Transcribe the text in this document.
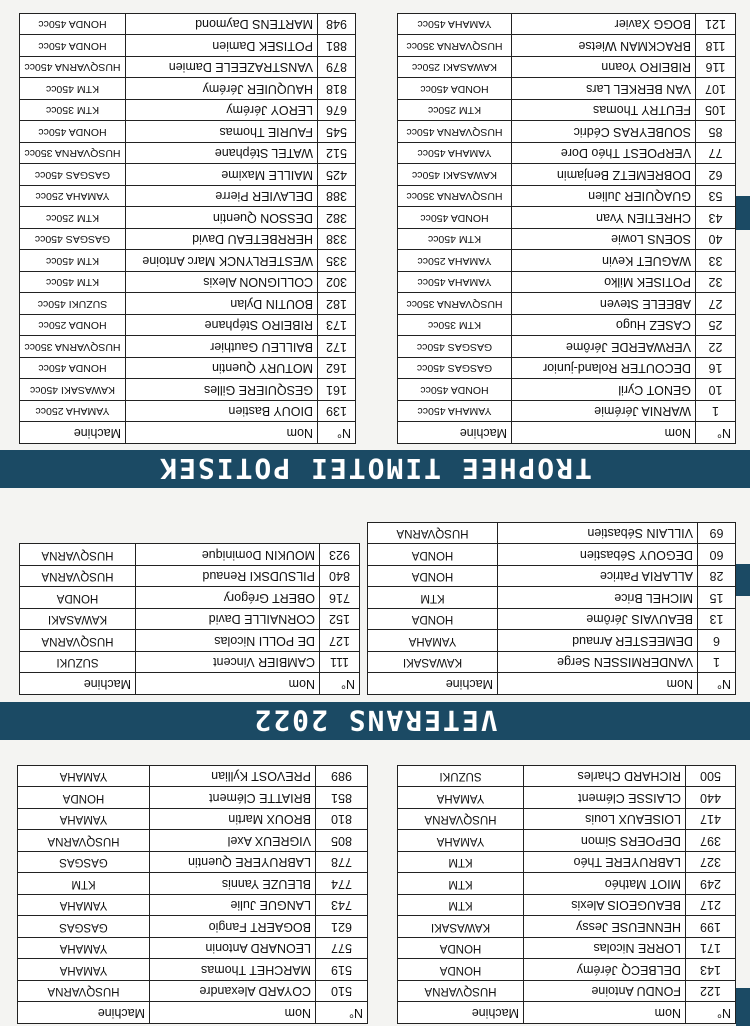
N°	Nom	Machine
122	FONDU Antoine	HUSQVARNA
143	DELBECQ Jérémy	HONDA
171	LORRE Nicolas	HONDA
199	HENNEUSE Jessy	KAWASAKI
217	BEAUGEOIS Alexis	KTM
249	MIOT Mathéo	KTM
327	LABRUYERE Théo	KTM
397	DEPOERS Simon	YAMAHA
417	LOISEAUX Louis	HUSQVARNA
440	CLAISSE Clément	YAMAHA
500	RICHARD Charles	SUZUKI
N°	Nom	Machine
510	COYARD Alexandre	HUSQVARNA
519	MARCHET Thomas	YAMAHA
577	LEONARD Antonin	YAMAHA
621	BOGAERT Fangio	GASGAS
743	LANGUE Julie	YAMAHA
774	BLEUZE Yannis	KTM
778	LABRUYERE Quentin	GASGAS
805	VIGREUX Axel	HUSQVARNA
810	BROUX Martin	YAMAHA
851	BRIATTE Clément	HONDA
989	PREVOST Kyllian	YAMAHA
VETERANS 2022
N°	Nom	Machine
1	VANDERMISSEN Serge	KAWASAKI
6	DEMEESTER Arnaud	YAMAHA
13	BEAUVAIS Jérôme	HONDA
15	MICHEL Brice	KTM
28	ALLARIA Patrice	HONDA
60	DEGOUY Sébastien	HONDA
69	VILLAIN Sébastien	HUSQVARNA
N°	Nom	Machine
111	CAMBIER Vincent	SUZUKI
127	DE POLLI Nicolas	HUSQVARNA
152	CORNAILLE David	KAWASAKI
716	OBERT Grégory	HONDA
840	PILSUDSKI Renaud	HUSQVARNA
923	MOUKIN Dominique	HUSQVARNA
TROPHEE TIMOTEI POTISEK
N°	Nom	Machine
1	WARNIA Jérémie	YAMAHA 450cc
10	GENOT Cyril	HONDA 450cc
16	DECOUTER Roland-junior	GASGAS 450cc
22	VERWAERDE Jérôme	GASGAS 450cc
25	CASEZ Hugo	KTM 350cc
27	ABEELE Steven	HUSQVARNA 350cc
32	POTISEK Milko	YAMAHA 450cc
33	WAGUET Kevin	YAMAHA 250cc
40	SOENS Lowie	KTM 450cc
43	CHRETIEN Yvan	HONDA 450cc
53	GUAQUIER Julien	HUSQVARNA 350cc
62	DOBREMETZ Benjamin	KAWASAKI 450cc
77	VERPOEST Théo Dore	YAMAHA 450cc
85	SOUBEYRAS Cédric	HUSQVARNA 450cc
105	FEUTRY Thomas	KTM 250cc
107	VAN BERKEL Lars	HONDA 450cc
116	RIBEIRO Yoann	KAWASAKI 250cc
118	BRACKMAN Wietse	HUSQVARNA 350cc
121	BOGG Xavier	YAMAHA 450cc
N°	Nom	Machine
139	DIOUY Bastien	YAMAHA 250cc
161	GESQUIERE Gilles	KAWASAKI 450cc
162	MOTURY Quentin	HONDA 450cc
172	BAILLEU Gauthier	HUSQVARNA 350cc
173	RIBEIRO Stéphane	HONDA 250cc
182	BOUTIN Dylan	SUZUKI 450cc
302	COLLIGNON Alexis	KTM 450cc
335	WESTERLYNCK Marc Antoine	KTM 450cc
338	HERRBETEAU David	GASGAS 450cc
382	DESSON Quentin	KTM 250cc
388	DELAVIER Pierre	YAMAHA 250cc
425	MAILLE Maxime	GASGAS 450cc
512	WATEL Stéphane	HUSQVARNA 350cc
545	FAURIE Thomas	HONDA 450cc
676	LEROY Jérémy	KTM 350cc
818	HAUQUIER Jérémy	KTM 450cc
879	VANSTRAZEELE Damien	HUSQVARNA 450cc
881	POTISEK Damien	HONDA 450cc
948	MARTENS Daymond	HONDA 450cc
